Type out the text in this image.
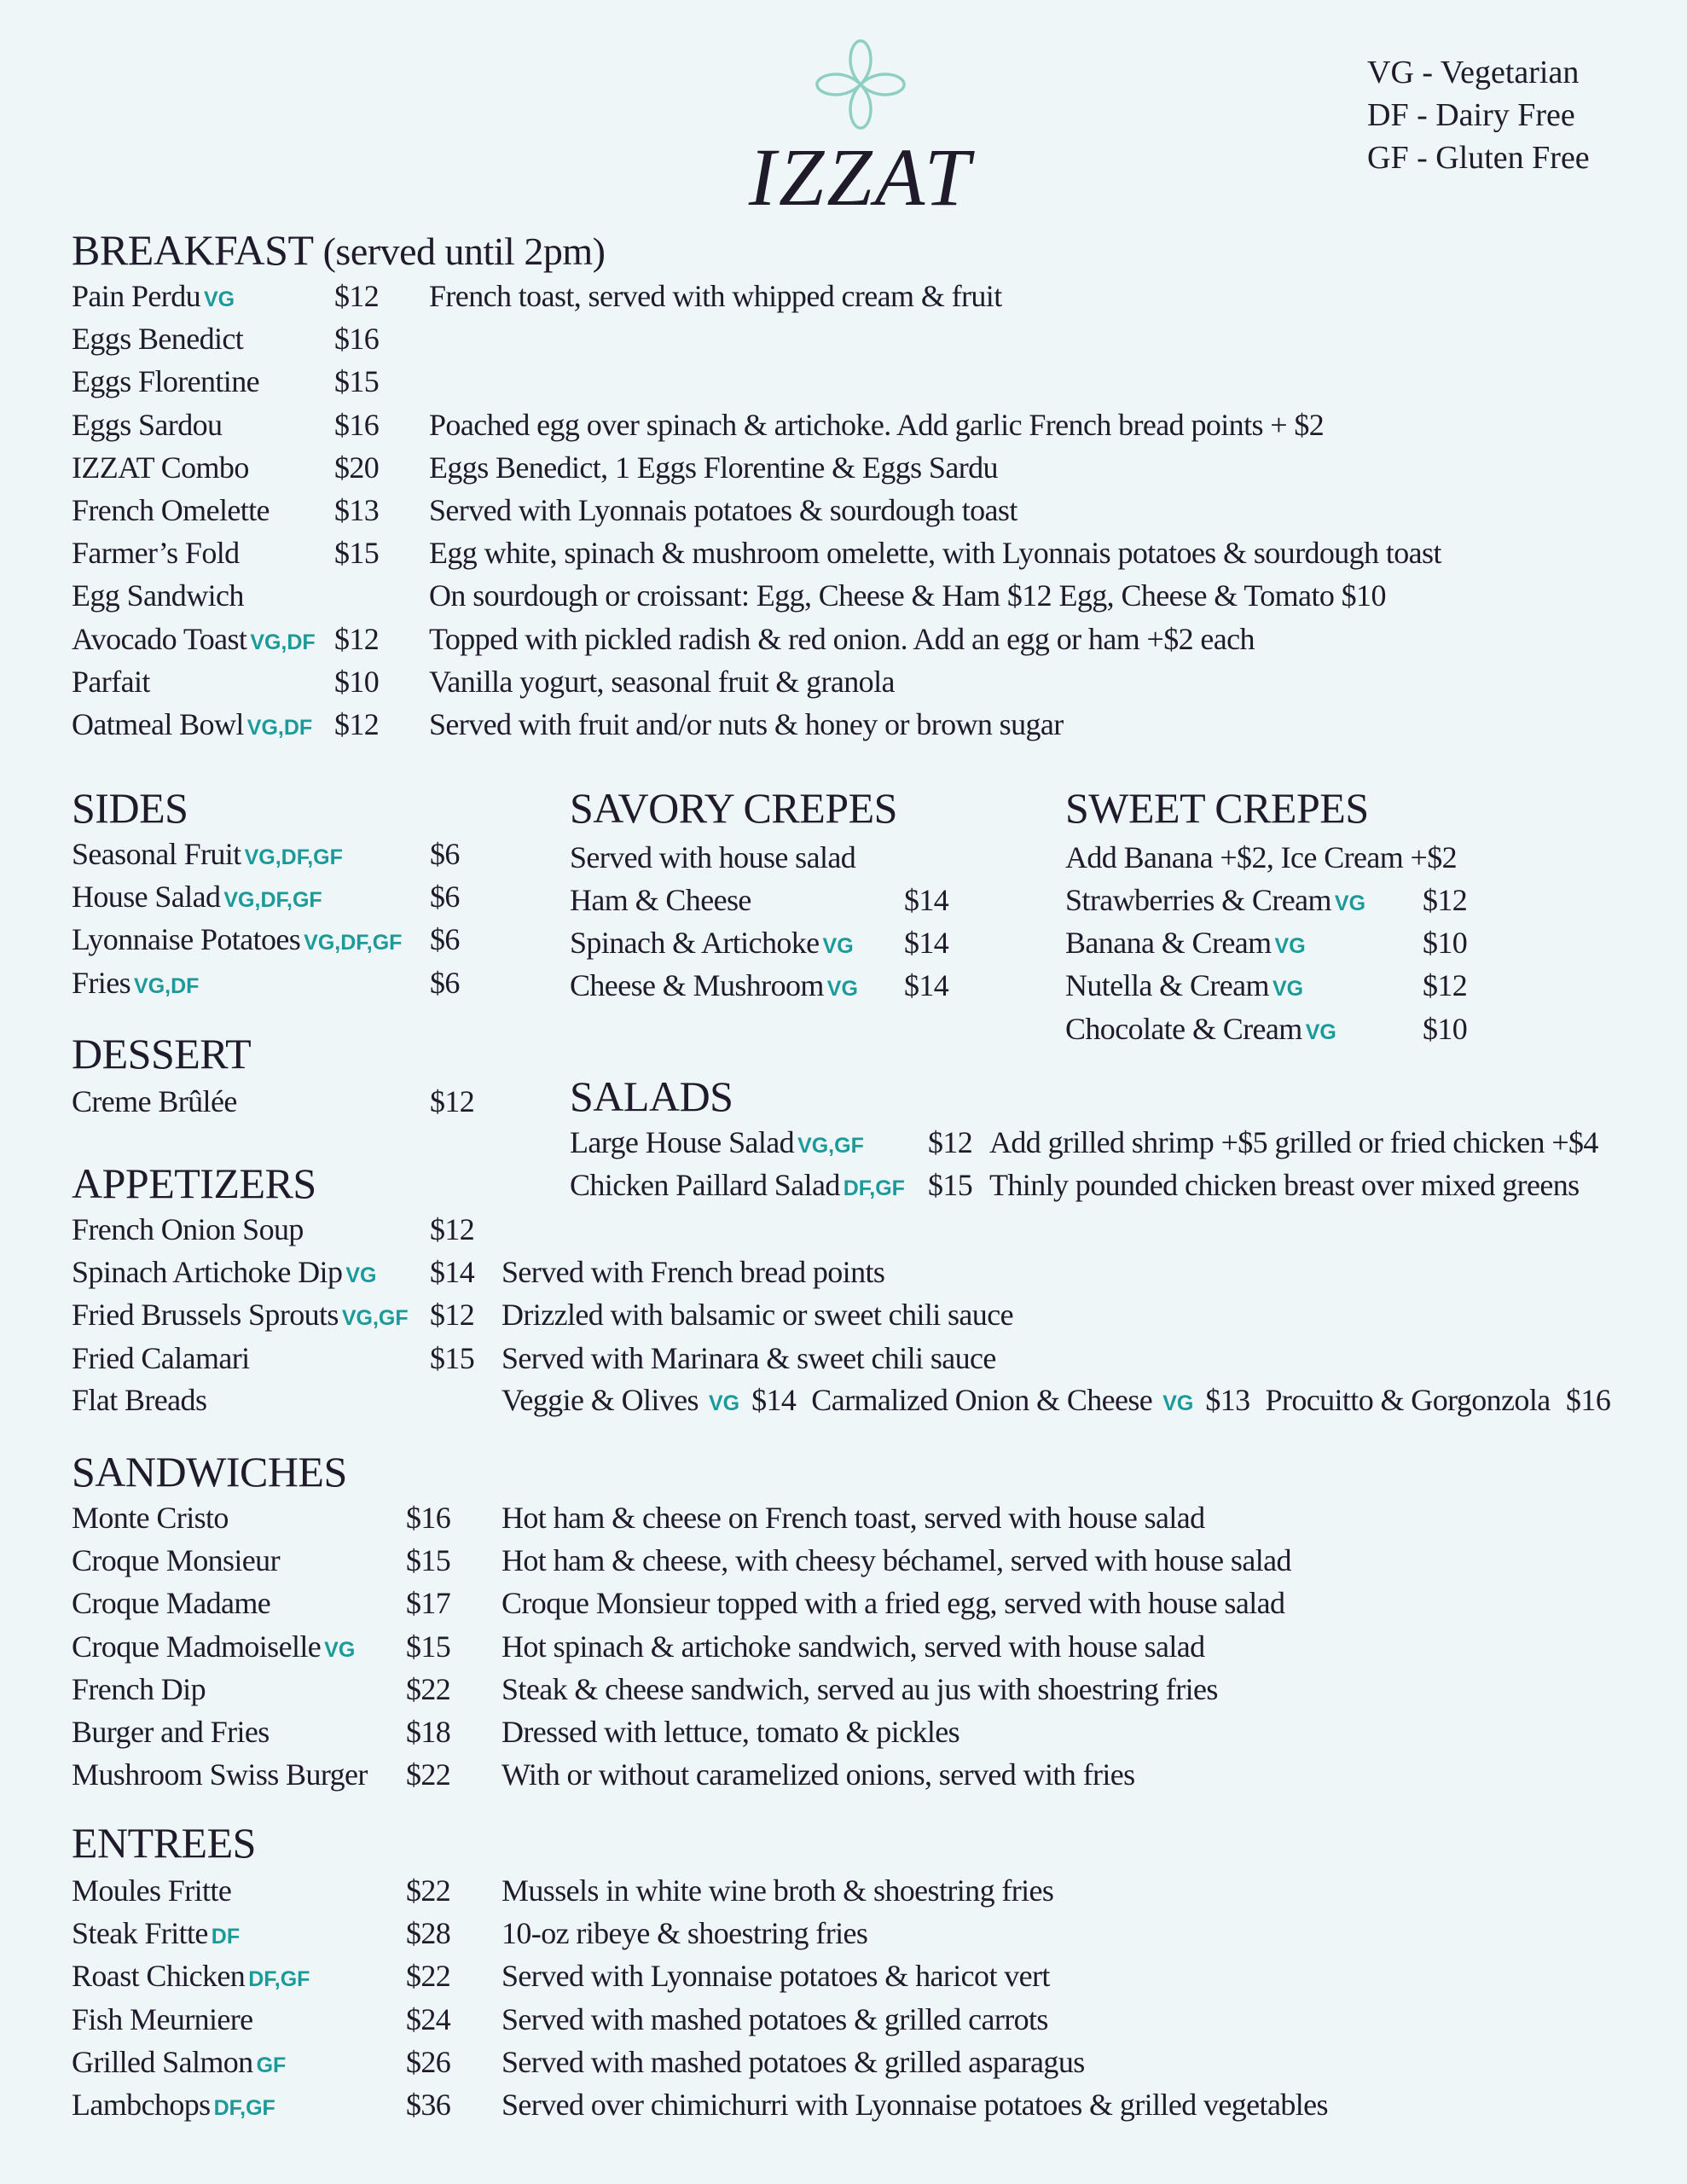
IZZAT
VG - Vegetarian
DF - Dairy Free
GF - Gluten Free
BREAKFAST (served until 2pm)
SIDES	SAVORY CREPES
Served with house salad
SWEET CREPES
Add Banana +$2, Ice Cream +$2
DESSERT
SALADS
APPETIZERS
SANDWICHES
ENTREES
Pain Perdu VG	$12 French toast, served with whipped cream & fruit
Eggs Benedict	$16
Eggs Florentine $15
Eggs Sardou	$16 Poached egg over spinach & artichoke. Add garlic French bread points + $2
IZZAT Combo	$20 Eggs Benedict, 1 Eggs Florentine & Eggs Sardu
French Omelette $13 Served with Lyonnais potatoes & sourdough toast
Farmer’s Fold	$15 Egg white, spinach & mushroom omelette, with Lyonnais potatoes & sourdough toast
Egg Sandwich	On sourdough or croissant: Egg, Cheese & Ham $12 Egg, Cheese & Tomato $10
Avocado Toast VG,DF $12 Topped with pickled radish & red onion. Add an egg or ham +$2 each
Parfait	$10 Vanilla yogurt, seasonal fruit & granola
Oatmeal Bowl VG,DF $12 Served with fruit and/or nuts & honey or brown sugar
Seasonal Fruit VG,DF,GF	$6
House Salad VG,DF,GF	$6
Lyonnaise Potatoes VG,DF,GF $6
Fries VG,DF	$6
Ham & Cheese	$14
Spinach & Artichoke VG $14
Cheese & Mushroom VG $14
Strawberries & Cream VG $12
Banana & Cream VG	$10
Nutella & Cream VG	$12
Chocolate & Cream VG	$10
Creme Brûlée	$12
Large House Salad VG,GF $12 Add grilled shrimp +$5 grilled or fried chicken +$4
Chicken Paillard Salad DF,GF $15 Thinly pounded chicken breast over mixed greens
French Onion Soup	$12
Spinach Artichoke Dip VG $14 Served with French bread points
Fried Brussels Sprouts VG,GF $12 Drizzled with balsamic or sweet chili sauce
Fried Calamari	$15 Served with Marinara & sweet chili sauce
Monte Cristo	$16 Hot ham & cheese on French toast, served with house salad
Croque Monsieur	$15 Hot ham & cheese, with cheesy béchamel, served with house salad
Croque Madame	$17 Croque Monsieur topped with a fried egg, served with house salad
Croque Madmoiselle VG $15 Hot spinach & artichoke sandwich, served with house salad
French Dip	$22 Steak & cheese sandwich, served au jus with shoestring fries
Burger and Fries	$18 Dressed with lettuce, tomato & pickles
Mushroom Swiss Burger $22 With or without caramelized onions, served with fries
Moules Fritte	$22 Mussels in white wine broth & shoestring fries
Steak Fritte DF	$28 10-oz ribeye & shoestring fries
Roast Chicken DF,GF	$22 Served with Lyonnaise potatoes & haricot vert
Fish Meurniere	$24 Served with mashed potatoes & grilled carrots
Grilled Salmon GF	$26 Served with mashed potatoes & grilled asparagus
Lambchops DF,GF	$36 Served over chimichurri with Lyonnaise potatoes & grilled vegetables
Flat Breads	Veggie & Olives VG $14 Carmalized Onion & Cheese VG $13 Procuitto & Gorgonzola $16
